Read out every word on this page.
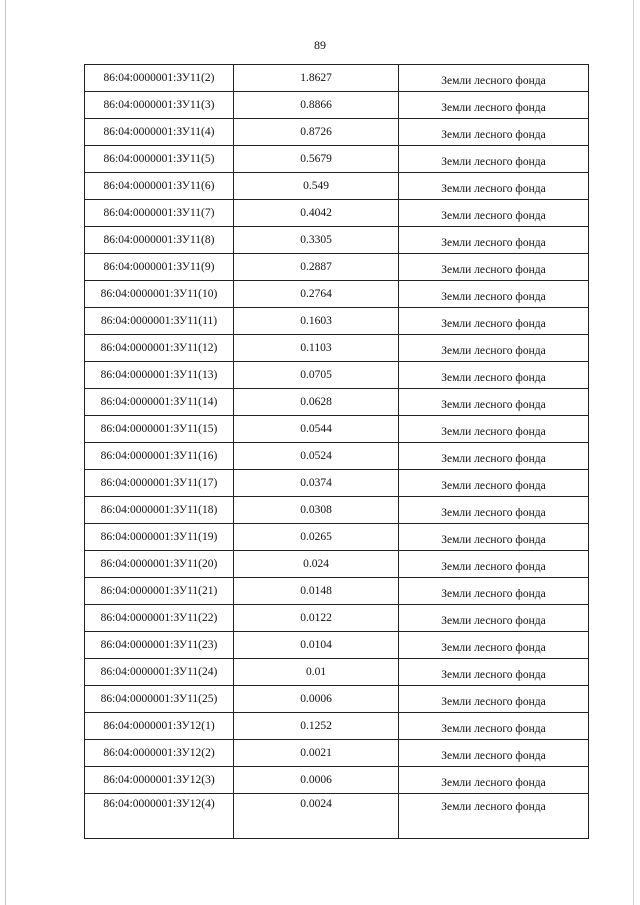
89
86:04:0000001:ЗУ11(2)	1.8627	Земли лесного фонда
86:04:0000001:ЗУ11(3)	0.8866	Земли лесного фонда
86:04:0000001:ЗУ11(4)	0.8726	Земли лесного фонда
86:04:0000001:ЗУ11(5)	0.5679	Земли лесного фонда
86:04:0000001:ЗУ11(6)	0.549	Земли лесного фонда
86:04:0000001:ЗУ11(7)	0.4042	Земли лесного фонда
86:04:0000001:ЗУ11(8)	0.3305	Земли лесного фонда
86:04:0000001:ЗУ11(9)	0.2887	Земли лесного фонда
86:04:0000001:ЗУ11(10)	0.2764	Земли лесного фонда
86:04:0000001:ЗУ11(11)	0.1603	Земли лесного фонда
86:04:0000001:ЗУ11(12)	0.1103	Земли лесного фонда
86:04:0000001:ЗУ11(13)	0.0705	Земли лесного фонда
86:04:0000001:ЗУ11(14)	0.0628	Земли лесного фонда
86:04:0000001:ЗУ11(15)	0.0544	Земли лесного фонда
86:04:0000001:ЗУ11(16)	0.0524	Земли лесного фонда
86:04:0000001:ЗУ11(17)	0.0374	Земли лесного фонда
86:04:0000001:ЗУ11(18)	0.0308	Земли лесного фонда
86:04:0000001:ЗУ11(19)	0.0265	Земли лесного фонда
86:04:0000001:ЗУ11(20)	0.024	Земли лесного фонда
86:04:0000001:ЗУ11(21)	0.0148	Земли лесного фонда
86:04:0000001:ЗУ11(22)	0.0122	Земли лесного фонда
86:04:0000001:ЗУ11(23)	0.0104	Земли лесного фонда
86:04:0000001:ЗУ11(24)	0.01	Земли лесного фонда
86:04:0000001:ЗУ11(25)	0.0006	Земли лесного фонда
86:04:0000001:ЗУ12(1)	0.1252	Земли лесного фонда
86:04:0000001:ЗУ12(2)	0.0021	Земли лесного фонда
86:04:0000001:ЗУ12(3)	0.0006	Земли лесного фонда
86:04:0000001:ЗУ12(4)	0.0024	Земли лесного фонда
